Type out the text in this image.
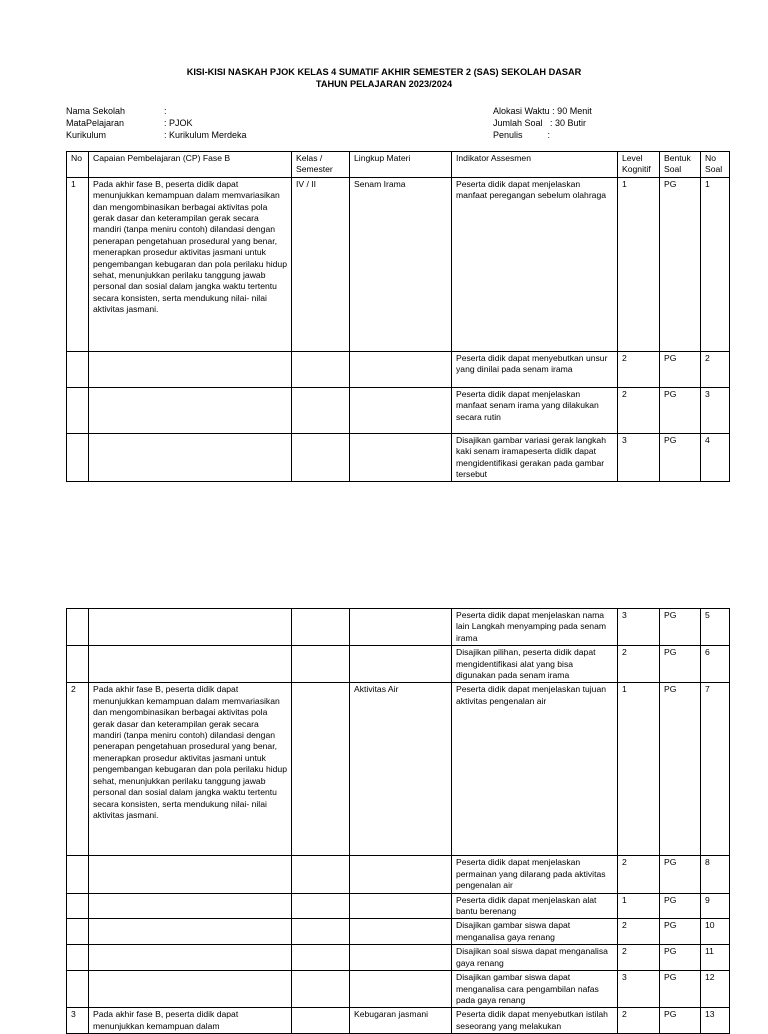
KISI-KISI NASKAH PJOK KELAS 4 SUMATIF AKHIR SEMESTER 2 (SAS) SEKOLAH DASAR
TAHUN PELAJARAN 2023/2024
Nama Sekolah	:
MataPelajaran	: PJOK
Kurikulum	: Kurikulum Merdeka
Alokasi Waktu : 90 Menit
Jumlah Soal   : 30 Butir
Penulis          :
No	Capaian Pembelajaran (CP) Fase B	Kelas / Semester	Lingkup Materi	Indikator Assesmen	Level Kognitif	Bentuk Soal	No Soal
1	Pada akhir fase B, peserta didik dapat menunjukkan kemampuan dalam memvariasikan dan mengombinasikan berbagai aktivitas pola gerak dasar dan keterampilan gerak secara mandiri (tanpa meniru contoh) dilandasi dengan penerapan pengetahuan prosedural yang benar, menerapkan prosedur aktivitas jasmani untuk pengembangan kebugaran dan pola perilaku hidup sehat, menunjukkan perilaku tanggung jawab personal dan sosial dalam jangka waktu tertentu secara konsisten, serta mendukung nilai- nilai aktivitas jasmani.	IV / II	Senam Irama	Peserta didik dapat menjelaskan manfaat peregangan sebelum olahraga	1	PG	1
				Peserta didik dapat menyebutkan unsur yang dinilai pada senam irama	2	PG	2
				Peserta didik dapat menjelaskan manfaat senam irama yang dilakukan secara rutin	2	PG	3
				Disajikan gambar variasi gerak langkah kaki senam iramapeserta didik dapat mengidentifikasi gerakan pada gambar tersebut	3	PG	4
				Peserta didik dapat menjelaskan nama lain Langkah menyamping pada senam irama	3	PG	5
				Disajikan pilihan, peserta didik dapat mengidentifikasi alat yang bisa digunakan pada senam irama	2	PG	6
2	Pada akhir fase B, peserta didik dapat menunjukkan kemampuan dalam memvariasikan dan mengombinasikan berbagai aktivitas pola gerak dasar dan keterampilan gerak secara mandiri (tanpa meniru contoh) dilandasi dengan penerapan pengetahuan prosedural yang benar, menerapkan prosedur aktivitas jasmani untuk pengembangan kebugaran dan pola perilaku hidup sehat, menunjukkan perilaku tanggung jawab personal dan sosial dalam jangka waktu tertentu secara konsisten, serta mendukung nilai- nilai aktivitas jasmani.		Aktivitas Air	Peserta didik dapat menjelaskan tujuan aktivitas pengenalan air	1	PG	7
				Peserta didik dapat menjelaskan permainan yang dilarang pada aktivitas pengenalan air	2	PG	8
				Peserta didik dapat menjelaskan alat bantu berenang	1	PG	9
				Disajikan gambar siswa dapat menganalisa gaya renang	2	PG	10
				Disajikan soal siswa dapat menganalisa gaya renang	2	PG	11
				Disajikan gambar siswa dapat menganalisa cara pengambilan nafas pada gaya renang	3	PG	12
3	Pada akhir fase B, peserta didik dapat menunjukkan kemampuan dalam		Kebugaran jasmani	Peserta didik dapat menyebutkan istilah seseorang yang melakukan	2	PG	13
